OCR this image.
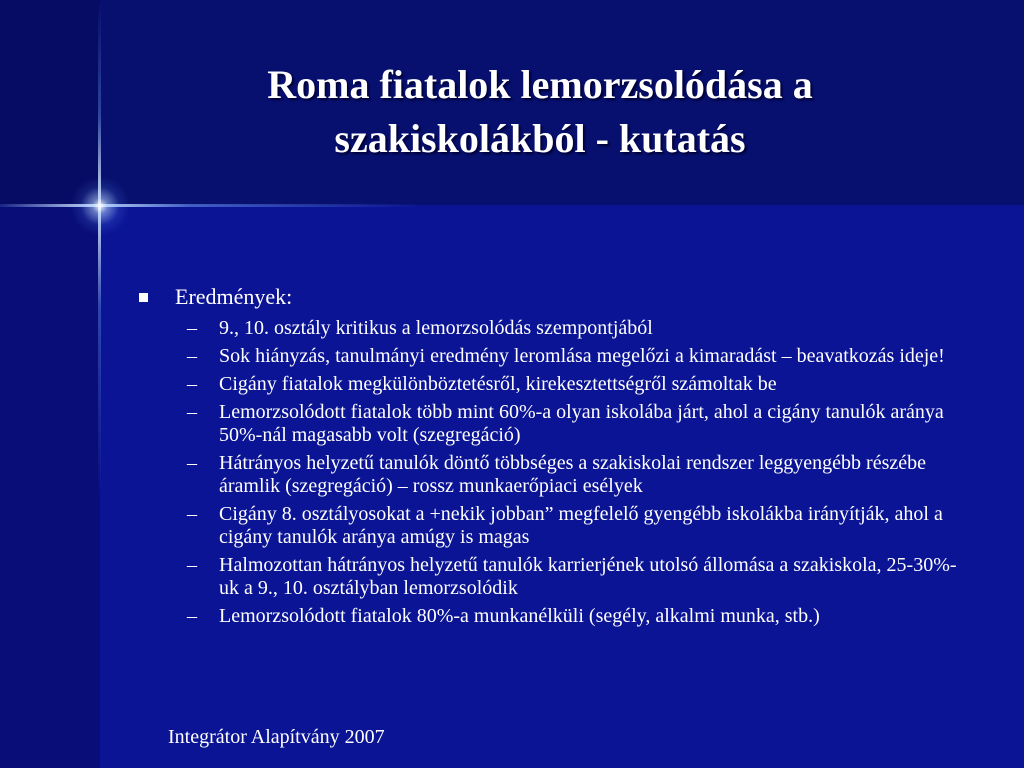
Roma fiatalok lemorzsolódása a
szakiskolákból - kutatás
Eredmények:
– 9., 10. osztály kritikus a lemorzsolódás szempontjából
– Sok hiányzás, tanulmányi eredmény leromlása megelőzi a kimaradást – beavatkozás ideje!
– Cigány fiatalok megkülönböztetésről, kirekesztettségről számoltak be
– Lemorzsolódott fiatalok több mint 60%-a olyan iskolába járt, ahol a cigány tanulók aránya 50%-nál magasabb volt (szegregáció)
– Hátrányos helyzetű tanulók döntő többséges a szakiskolai rendszer leggyengébb részébe áramlik (szegregáció) – rossz munkaerőpiaci esélyek
– Cigány 8. osztályosokat a +nekik jobban” megfelelő gyengébb iskolákba irányítják, ahol a cigány tanulók aránya amúgy is magas
– Halmozottan hátrányos helyzetű tanulók karrierjének utolsó állomása a szakiskola, 25-30%-uk a 9., 10. osztályban lemorzsolódik
– Lemorzsolódott fiatalok 80%-a munkanélküli (segély, alkalmi munka, stb.)
Integrátor Alapítvány 2007
